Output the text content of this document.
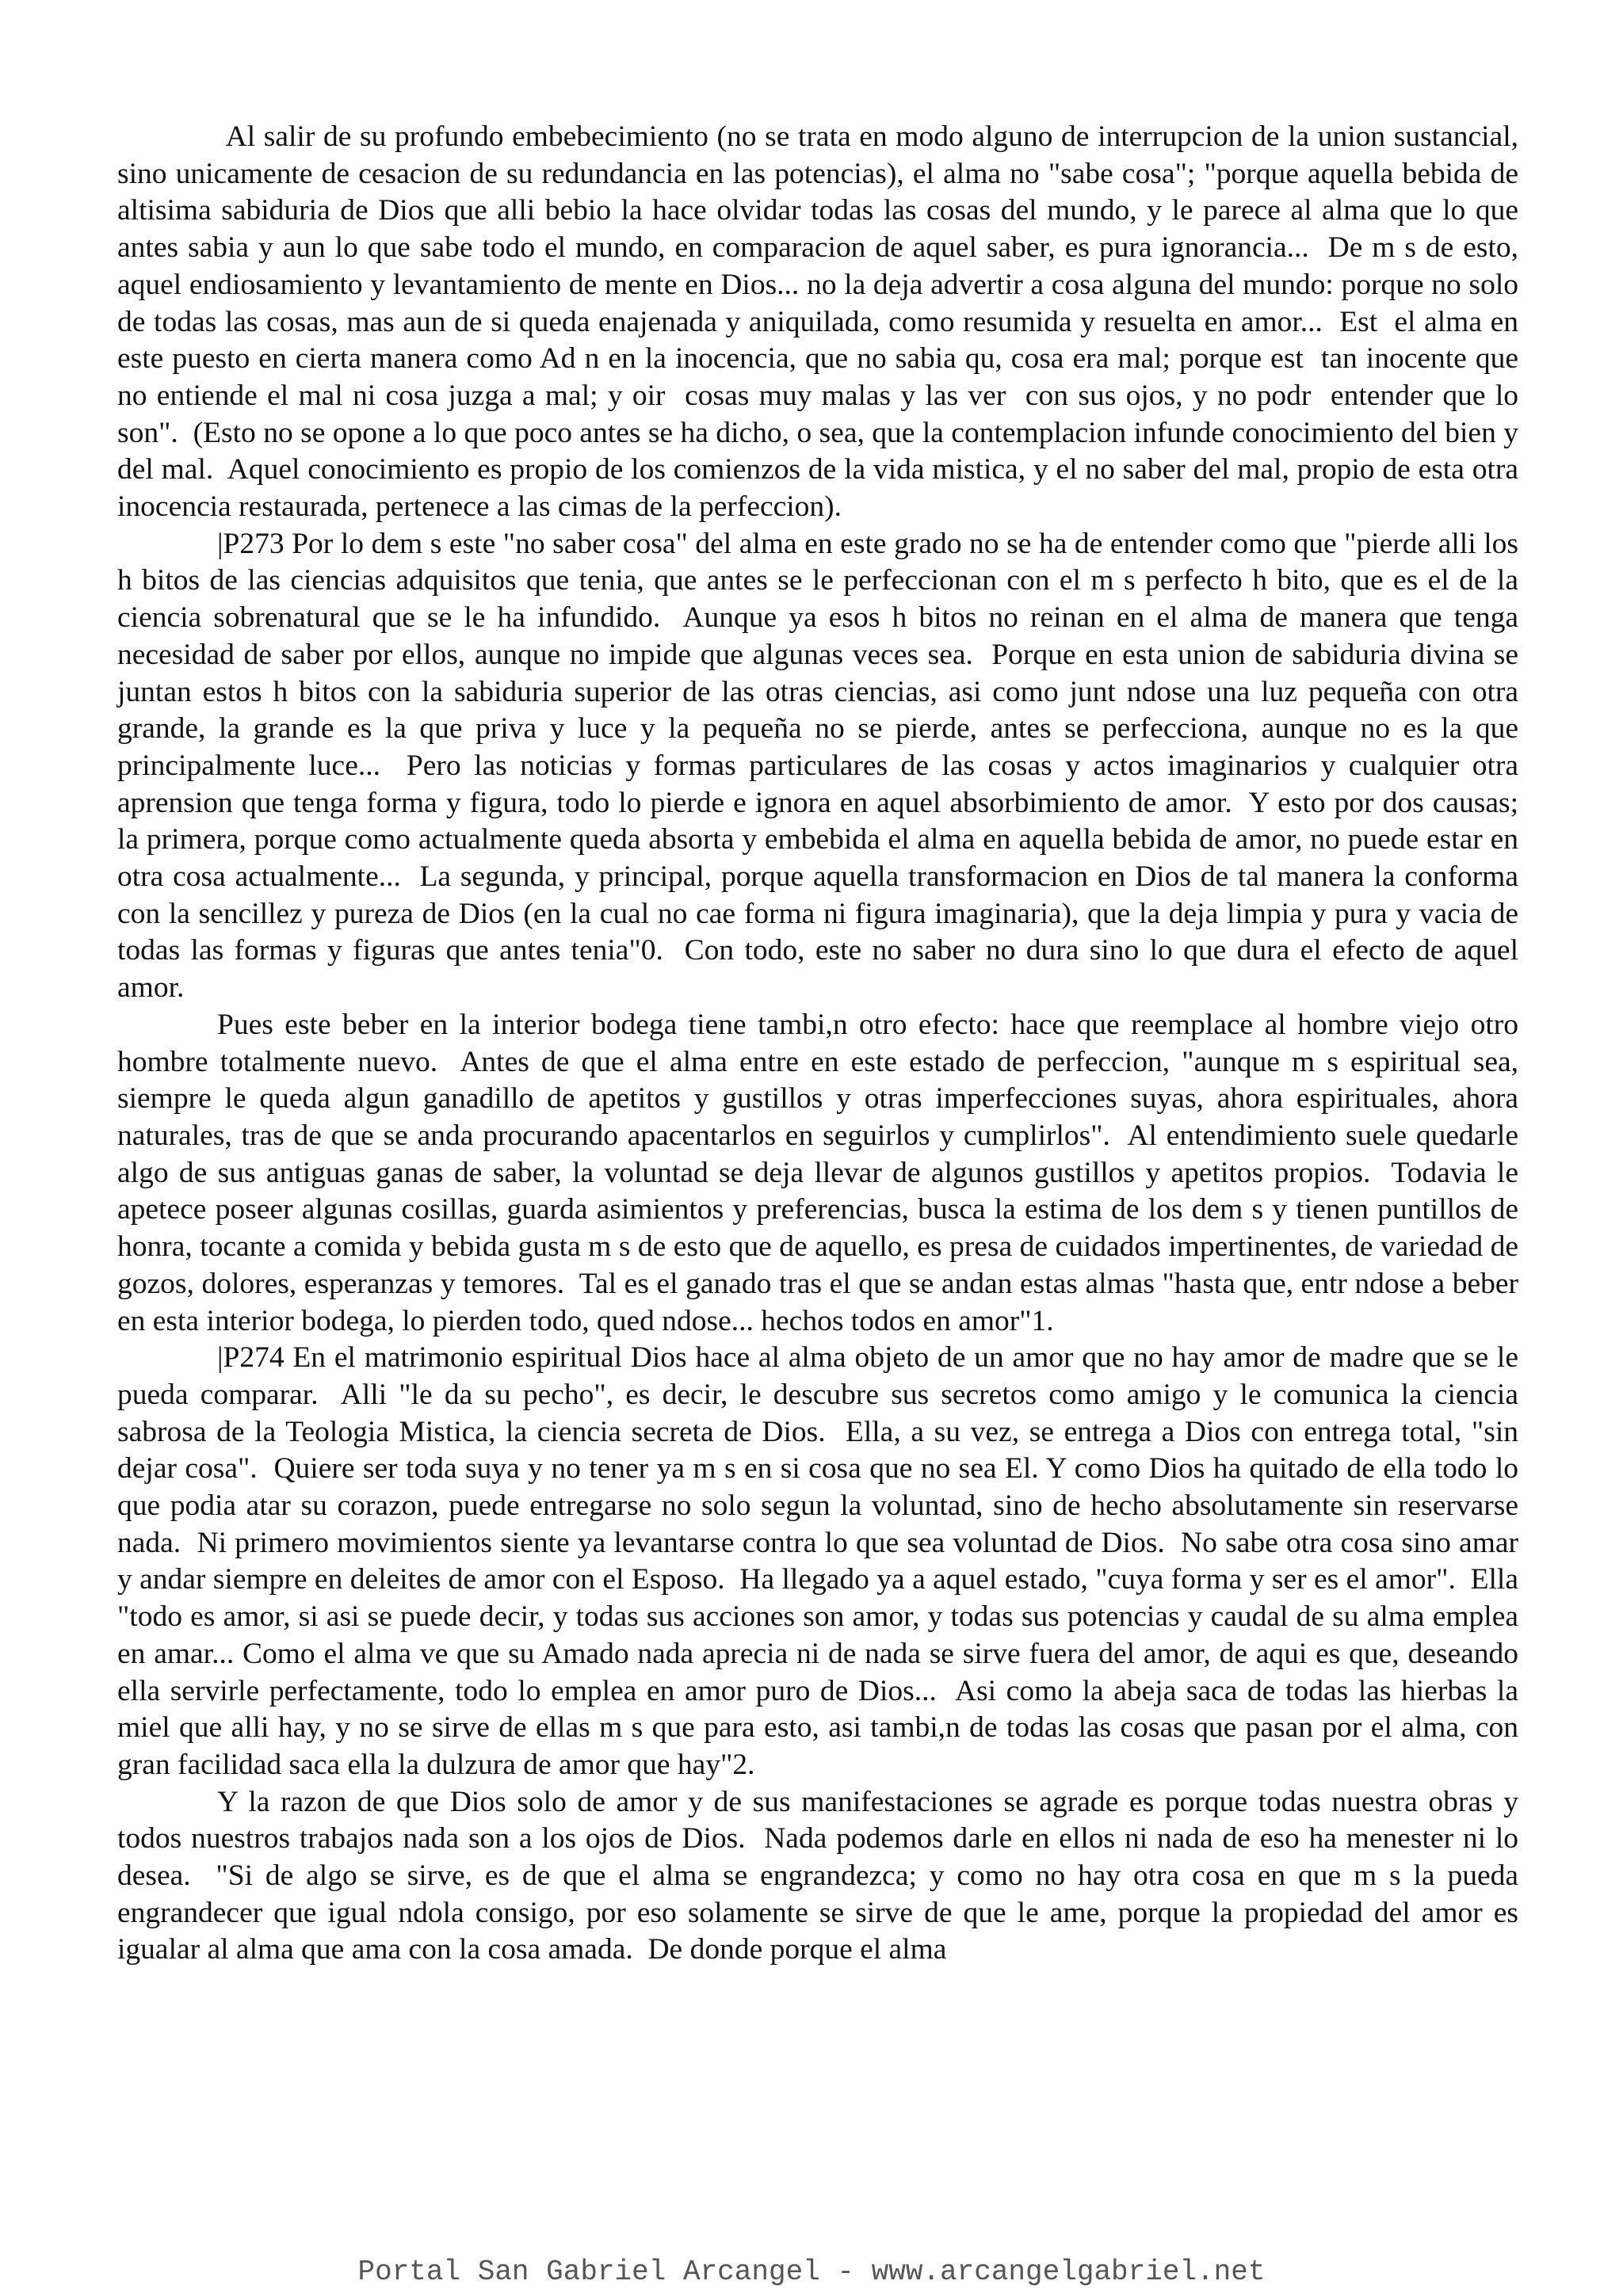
Al salir de su profundo embebecimiento (no se trata en modo alguno de interrupcion de la union sustancial, sino unicamente de cesacion de su redundancia en las potencias), el alma no "sabe cosa"; "porque aquella bebida de altisima sabiduria de Dios que alli bebio la hace olvidar todas las cosas del mundo, y le parece al alma que lo que antes sabia y aun lo que sabe todo el mundo, en comparacion de aquel saber, es pura ignorancia...  De m s de esto, aquel endiosamiento y levantamiento de mente en Dios... no la deja advertir a cosa alguna del mundo: porque no solo de todas las cosas, mas aun de si queda enajenada y aniquilada, como resumida y resuelta en amor...  Est  el alma en este puesto en cierta manera como Ad n en la inocencia, que no sabia qu, cosa era mal; porque est  tan inocente que no entiende el mal ni cosa juzga a mal; y oir  cosas muy malas y las ver  con sus ojos, y no podr  entender que lo son".  (Esto no se opone a lo que poco antes se ha dicho, o sea, que la contemplacion infunde conocimiento del bien y del mal.  Aquel conocimiento es propio de los comienzos de la vida mistica, y el no saber del mal, propio de esta otra inocencia restaurada, pertenece a las cimas de la perfeccion).

|P273 Por lo dem s este "no saber cosa" del alma en este grado no se ha de entender como que "pierde alli los h bitos de las ciencias adquisitos que tenia, que antes se le perfeccionan con el m s perfecto h bito, que es el de la ciencia sobrenatural que se le ha infundido.  Aunque ya esos h bitos no reinan en el alma de manera que tenga necesidad de saber por ellos, aunque no impide que algunas veces sea.  Porque en esta union de sabiduria divina se juntan estos h bitos con la sabiduria superior de las otras ciencias, asi como junt ndose una luz pequeña con otra grande, la grande es la que priva y luce y la pequeña no se pierde, antes se perfecciona, aunque no es la que principalmente luce...  Pero las noticias y formas particulares de las cosas y actos imaginarios y cualquier otra aprension que tenga forma y figura, todo lo pierde e ignora en aquel absorbimiento de amor.  Y esto por dos causas; la primera, porque como actualmente queda absorta y embebida el alma en aquella bebida de amor, no puede estar en otra cosa actualmente...  La segunda, y principal, porque aquella transformacion en Dios de tal manera la conforma con la sencillez y pureza de Dios (en la cual no cae forma ni figura imaginaria), que la deja limpia y pura y vacia de todas las formas y figuras que antes tenia"0.  Con todo, este no saber no dura sino lo que dura el efecto de aquel amor.

Pues este beber en la interior bodega tiene tambi,n otro efecto: hace que reemplace al hombre viejo otro hombre totalmente nuevo.  Antes de que el alma entre en este estado de perfeccion, "aunque m s espiritual sea, siempre le queda algun ganadillo de apetitos y gustillos y otras imperfecciones suyas, ahora espirituales, ahora naturales, tras de que se anda procurando apacentarlos en seguirlos y cumplirlos".  Al entendimiento suele quedarle algo de sus antiguas ganas de saber, la voluntad se deja llevar de algunos gustillos y apetitos propios.  Todavia le apetece poseer algunas cosillas, guarda asimientos y preferencias, busca la estima de los dem s y tienen puntillos de honra, tocante a comida y bebida gusta m s de esto que de aquello, es presa de cuidados impertinentes, de variedad de gozos, dolores, esperanzas y temores.  Tal es el ganado tras el que se andan estas almas "hasta que, entr ndose a beber en esta interior bodega, lo pierden todo, qued ndose... hechos todos en amor"1.

|P274 En el matrimonio espiritual Dios hace al alma objeto de un amor que no hay amor de madre que se le pueda comparar.  Alli "le da su pecho", es decir, le descubre sus secretos como amigo y le comunica la ciencia sabrosa de la Teologia Mistica, la ciencia secreta de Dios.  Ella, a su vez, se entrega a Dios con entrega total, "sin dejar cosa".  Quiere ser toda suya y no tener ya m s en si cosa que no sea El. Y como Dios ha quitado de ella todo lo que podia atar su corazon, puede entregarse no solo segun la voluntad, sino de hecho absolutamente sin reservarse nada.  Ni primero movimientos siente ya levantarse contra lo que sea voluntad de Dios.  No sabe otra cosa sino amar y andar siempre en deleites de amor con el Esposo.  Ha llegado ya a aquel estado, "cuya forma y ser es el amor".  Ella "todo es amor, si asi se puede decir, y todas sus acciones son amor, y todas sus potencias y caudal de su alma emplea en amar... Como el alma ve que su Amado nada aprecia ni de nada se sirve fuera del amor, de aqui es que, deseando ella servirle perfectamente, todo lo emplea en amor puro de Dios...  Asi como la abeja saca de todas las hierbas la miel que alli hay, y no se sirve de ellas m s que para esto, asi tambi,n de todas las cosas que pasan por el alma, con gran facilidad saca ella la dulzura de amor que hay"2.

Y la razon de que Dios solo de amor y de sus manifestaciones se agrade es porque todas nuestra obras y todos nuestros trabajos nada son a los ojos de Dios.  Nada podemos darle en ellos ni nada de eso ha menester ni lo desea.  "Si de algo se sirve, es de que el alma se engrandezca; y como no hay otra cosa en que m s la pueda engrandecer que igual ndola consigo, por eso solamente se sirve de que le ame, porque la propiedad del amor es igualar al alma que ama con la cosa amada.  De donde porque el alma

Portal San Gabriel Arcangel - www.arcangelgabriel.net
